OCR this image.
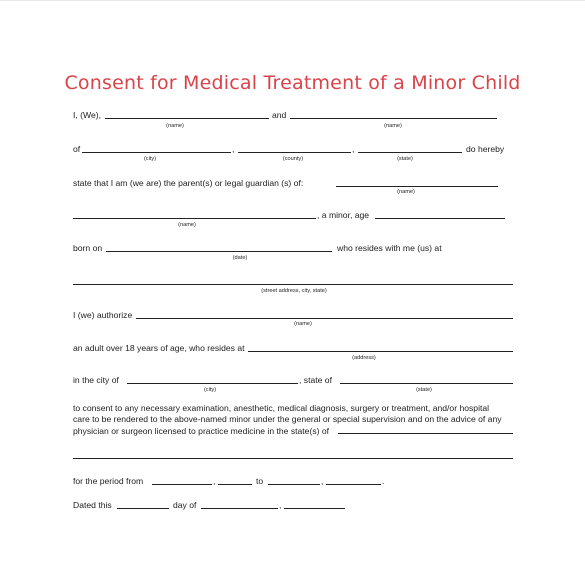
Consent for Medical Treatment of a Minor Child
I, (We),	and
(name)	(name)
of	,	,	do hereby
(city)	(county)	(state)
state that I am (we are) the parent(s) or legal guardian (s) of:
(name)
, a minor, age
(name)
born on	who resides with me (us) at
(date)
(street address, city, state)
I (we) authorize
(name)
an adult over 18 years of age, who resides at
(address)
in the city of	, state of
(city)	(state)
to consent to any necessary examination, anesthetic, medical diagnosis, surgery or treatment, and/or hospital
care to be rendered to the above-named minor under the general or special supervision and on the advice of any
physician or surgeon licensed to practice medicine in the state(s) of
for the period from	,	to	,	.
Dated this	day of	,
